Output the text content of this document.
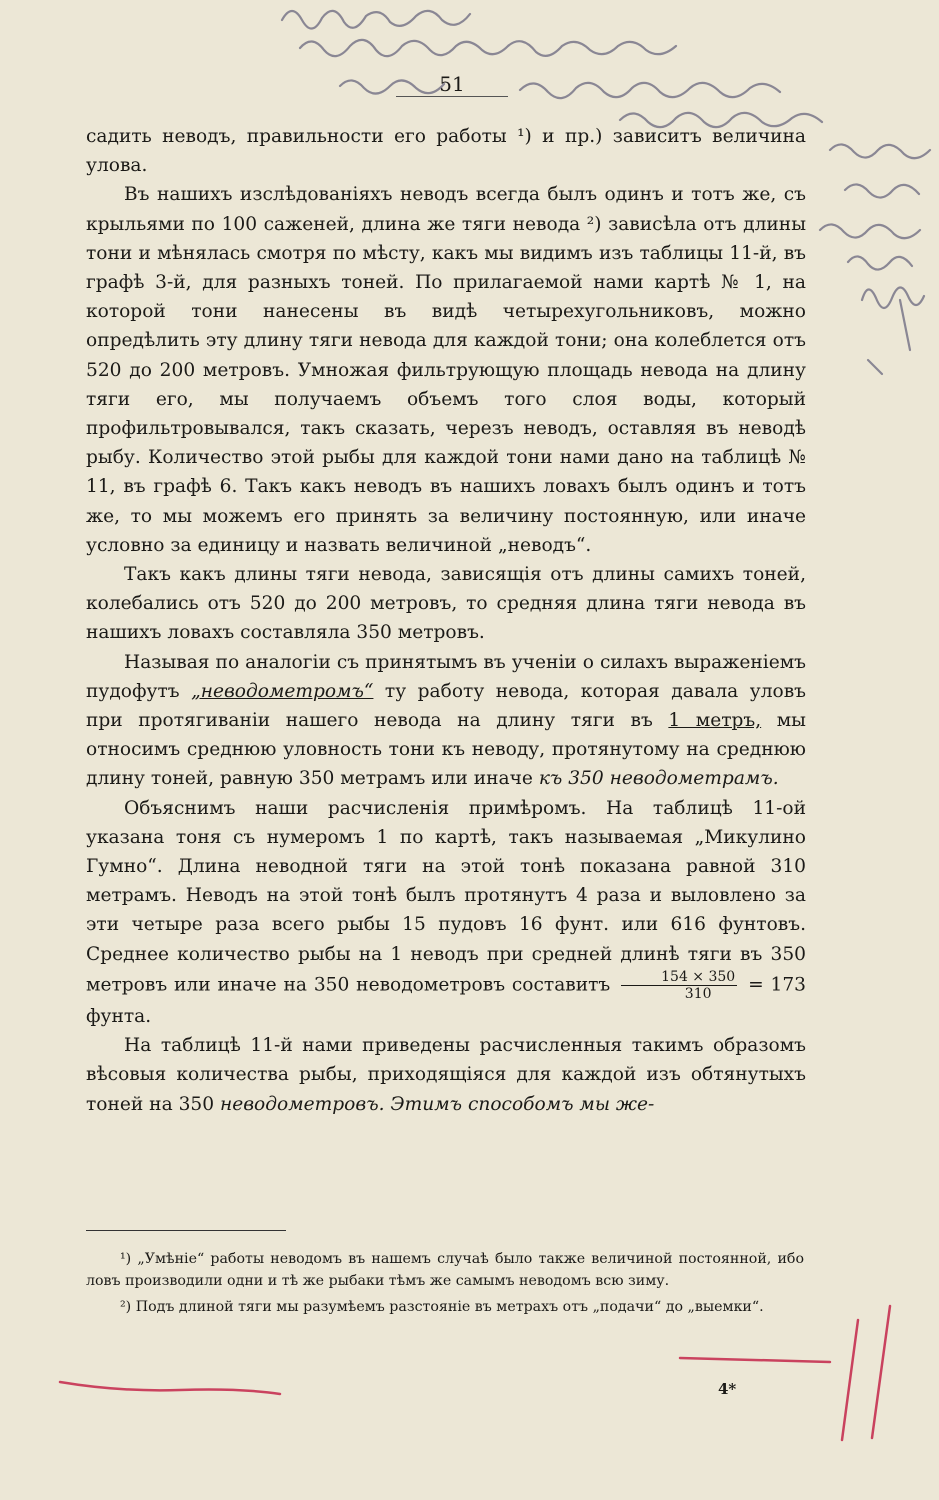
51

садить неводъ, правильности его работы ¹) и пр.) зависитъ величина улова.

Въ нашихъ изслѣдованіяхъ неводъ всегда былъ одинъ и тотъ же, съ крыльями по 100 саженей, длина же тяги невода ²) зависѣла отъ длины тони и мѣнялась смотря по мѣсту, какъ мы видимъ изъ таблицы 11-й, въ графѣ 3-й, для разныхъ тоней. По прилагаемой нами картѣ № 1, на которой тони нанесены въ видѣ четырехугольниковъ, можно опредѣлить эту длину тяги невода для каждой тони; она колеблется отъ 520 до 200 метровъ. Умножая фильтрующую площадь невода на длину тяги его, мы получаемъ объемъ того слоя воды, который профильтровывался, такъ сказать, черезъ неводъ, оставляя въ неводѣ рыбу. Количество этой рыбы для каждой тони нами дано на таблицѣ № 11, въ графѣ 6. Такъ какъ неводъ въ нашихъ ловахъ былъ одинъ и тотъ же, то мы можемъ его принять за величину постоянную, или иначе условно за единицу и назвать величиной „неводъ“.

Такъ какъ длины тяги невода, зависящія отъ длины самихъ тоней, колебались отъ 520 до 200 метровъ, то средняя длина тяги невода въ нашихъ ловахъ составляла 350 метровъ.

Называя по аналогіи съ принятымъ въ ученіи о силахъ выраженіемъ пудофутъ „неводометромъ“ ту работу невода, которая давала уловъ при протягиваніи нашего невода на длину тяги въ 1 метръ, мы относимъ среднюю уловность тони къ неводу, протянутому на среднюю длину тоней, равную 350 метрамъ или иначе къ 350 неводометрамъ.

Объяснимъ наши расчисленія примѣромъ. На таблицѣ 11-ой указана тоня съ нумеромъ 1 по картѣ, такъ называемая „Микулино Гумно“. Длина неводной тяги на этой тонѣ показана равной 310 метрамъ. Неводъ на этой тонѣ былъ протянутъ 4 раза и выловлено за эти четыре раза всего рыбы 15 пудовъ 16 фунт. или 616 фунтовъ. Среднее количество рыбы на 1 неводъ при средней длинѣ тяги въ 350 метровъ или иначе на 350 неводометровъ составитъ $\frac{154 \times 350}{310} = 173$ фунта.

На таблицѣ 11-й нами приведены расчисленныя такимъ образомъ вѣсовыя количества рыбы, приходящіяся для каждой изъ обтянутыхъ тоней на 350 неводометровъ. Этимъ способомъ мы же-

¹) „Умѣніе“ работы неводомъ въ нашемъ случаѣ было также величиной постоянной, ибо ловъ производили одни и тѣ же рыбаки тѣмъ же самымъ неводомъ всю зиму.

²) Подъ длиной тяги мы разумѣемъ разстояніе въ метрахъ отъ „подачи“ до „выемки“.

4*
